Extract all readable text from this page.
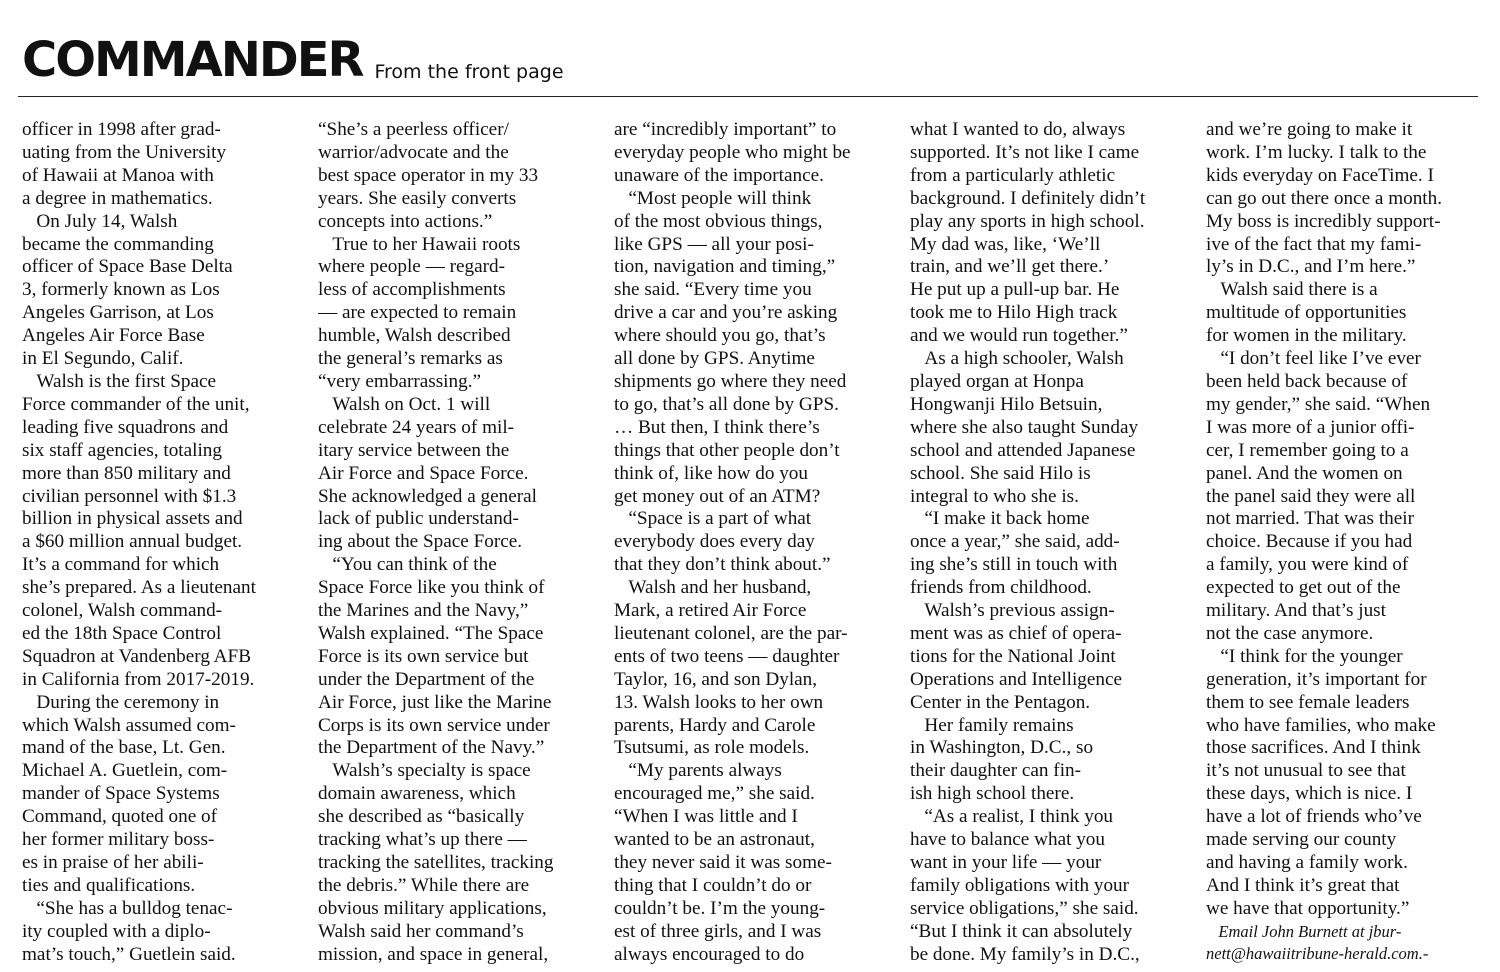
COMMANDER From the front page
officer in 1998 after grad-
uating from the University
of Hawaii at Manoa with
a degree in mathematics.
On July 14, Walsh
became the commanding
officer of Space Base Delta
3, formerly known as Los
Angeles Garrison, at Los
Angeles Air Force Base
in El Segundo, Calif.
Walsh is the first Space
Force commander of the unit,
leading five squadrons and
six staff agencies, totaling
more than 850 military and
civilian personnel with $1.3
billion in physical assets and
a $60 million annual budget.
It’s a command for which
she’s prepared. As a lieutenant
colonel, Walsh command-
ed the 18th Space Control
Squadron at Vandenberg AFB
in California from 2017-2019.
During the ceremony in
which Walsh assumed com-
mand of the base, Lt. Gen.
Michael A. Guetlein, com-
mander of Space Systems
Command, quoted one of
her former military boss-
es in praise of her abili-
ties and qualifications.
“She has a bulldog tenac-
ity coupled with a diplo-
mat’s touch,” Guetlein said.
“She’s a peerless officer/
warrior/advocate and the
best space operator in my 33
years. She easily converts
concepts into actions.”
True to her Hawaii roots
where people — regard-
less of accomplishments
— are expected to remain
humble, Walsh described
the general’s remarks as
“very embarrassing.”
Walsh on Oct. 1 will
celebrate 24 years of mil-
itary service between the
Air Force and Space Force.
She acknowledged a general
lack of public understand-
ing about the Space Force.
“You can think of the
Space Force like you think of
the Marines and the Navy,”
Walsh explained. “The Space
Force is its own service but
under the Department of the
Air Force, just like the Marine
Corps is its own service under
the Department of the Navy.”
Walsh’s specialty is space
domain awareness, which
she described as “basically
tracking what’s up there —
tracking the satellites, tracking
the debris.” While there are
obvious military applications,
Walsh said her command’s
mission, and space in general,
are “incredibly important” to
everyday people who might be
unaware of the importance.
“Most people will think
of the most obvious things,
like GPS — all your posi-
tion, navigation and timing,”
she said. “Every time you
drive a car and you’re asking
where should you go, that’s
all done by GPS. Anytime
shipments go where they need
to go, that’s all done by GPS.
… But then, I think there’s
things that other people don’t
think of, like how do you
get money out of an ATM?
“Space is a part of what
everybody does every day
that they don’t think about.”
Walsh and her husband,
Mark, a retired Air Force
lieutenant colonel, are the par-
ents of two teens — daughter
Taylor, 16, and son Dylan,
13. Walsh looks to her own
parents, Hardy and Carole
Tsutsumi, as role models.
“My parents always
encouraged me,” she said.
“When I was little and I
wanted to be an astronaut,
they never said it was some-
thing that I couldn’t do or
couldn’t be. I’m the young-
est of three girls, and I was
always encouraged to do
what I wanted to do, always
supported. It’s not like I came
from a particularly athletic
background. I definitely didn’t
play any sports in high school.
My dad was, like, ‘We’ll
train, and we’ll get there.’
He put up a pull-up bar. He
took me to Hilo High track
and we would run together.”
As a high schooler, Walsh
played organ at Honpa
Hongwanji Hilo Betsuin,
where she also taught Sunday
school and attended Japanese
school. She said Hilo is
integral to who she is.
“I make it back home
once a year,” she said, add-
ing she’s still in touch with
friends from childhood.
Walsh’s previous assign-
ment was as chief of opera-
tions for the National Joint
Operations and Intelligence
Center in the Pentagon.
Her family remains
in Washington, D.C., so
their daughter can fin-
ish high school there.
“As a realist, I think you
have to balance what you
want in your life — your
family obligations with your
service obligations,” she said.
“But I think it can absolutely
be done. My family’s in D.C.,
and we’re going to make it
work. I’m lucky. I talk to the
kids everyday on FaceTime. I
can go out there once a month.
My boss is incredibly support-
ive of the fact that my fami-
ly’s in D.C., and I’m here.”
Walsh said there is a
multitude of opportunities
for women in the military.
“I don’t feel like I’ve ever
been held back because of
my gender,” she said. “When
I was more of a junior offi-
cer, I remember going to a
panel. And the women on
the panel said they were all
not married. That was their
choice. Because if you had
a family, you were kind of
expected to get out of the
military. And that’s just
not the case anymore.
“I think for the younger
generation, it’s important for
them to see female leaders
who have families, who make
those sacrifices. And I think
it’s not unusual to see that
these days, which is nice. I
have a lot of friends who’ve
made serving our county
and having a family work.
And I think it’s great that
we have that opportunity.”
Email John Burnett at jbur-
nett@hawaiitribune-herald.com.-
